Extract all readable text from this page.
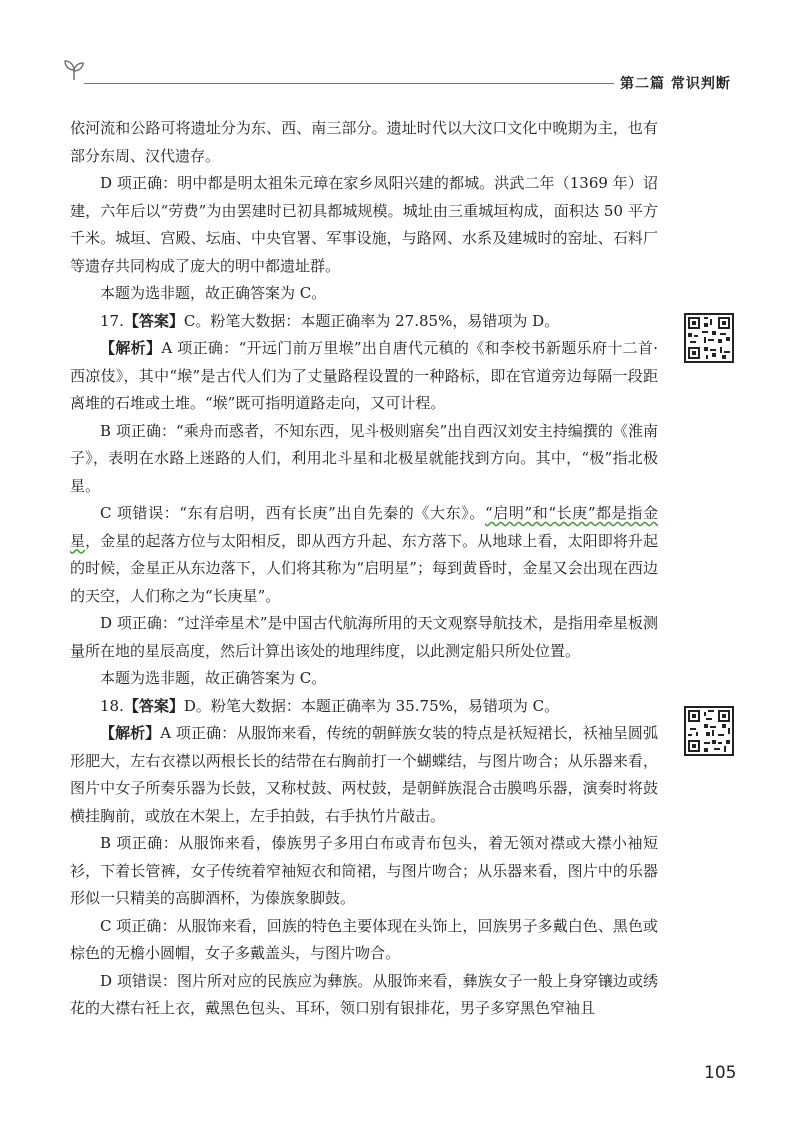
第二篇 常识判断

依河流和公路可将遗址分为东、西、南三部分。遗址时代以大汶口文化中晚期为主，也有部分东周、汉代遗存。

D 项正确：明中都是明太祖朱元璋在家乡凤阳兴建的都城。洪武二年（1369 年）诏建，六年后以“劳费”为由罢建时已初具都城规模。城址由三重城垣构成，面积达 50 平方千米。城垣、宫殿、坛庙、中央官署、军事设施，与路网、水系及建城时的窑址、石料厂等遗存共同构成了庞大的明中都遗址群。

本题为选非题，故正确答案为 C。

17.【答案】C。粉笔大数据：本题正确率为 27.85%，易错项为 D。

【解析】A 项正确：“开远门前万里堠”出自唐代元稹的《和李校书新题乐府十二首·西凉伎》，其中“堠”是古代人们为了丈量路程设置的一种路标，即在官道旁边每隔一段距离堆的石堆或土堆。“堠”既可指明道路走向，又可计程。

B 项正确：“乘舟而惑者，不知东西，见斗极则寤矣”出自西汉刘安主持编撰的《淮南子》，表明在水路上迷路的人们，利用北斗星和北极星就能找到方向。其中，“极”指北极星。

C 项错误：“东有启明，西有长庚”出自先秦的《大东》。“启明”和“长庚”都是指金星，金星的起落方位与太阳相反，即从西方升起、东方落下。从地球上看，太阳即将升起的时候，金星正从东边落下，人们将其称为“启明星”；每到黄昏时，金星又会出现在西边的天空，人们称之为“长庚星”。

D 项正确：“过洋牵星术”是中国古代航海所用的天文观察导航技术，是指用牵星板测量所在地的星辰高度，然后计算出该处的地理纬度，以此测定船只所处位置。

本题为选非题，故正确答案为 C。

18.【答案】D。粉笔大数据：本题正确率为 35.75%，易错项为 C。

【解析】A 项正确：从服饰来看，传统的朝鲜族女装的特点是袄短裙长，袄袖呈圆弧形肥大，左右衣襟以两根长长的结带在右胸前打一个蝴蝶结，与图片吻合；从乐器来看，图片中女子所奏乐器为长鼓，又称杖鼓、两杖鼓，是朝鲜族混合击膜鸣乐器，演奏时将鼓横挂胸前，或放在木架上，左手拍鼓，右手执竹片敲击。

B 项正确：从服饰来看，傣族男子多用白布或青布包头，着无领对襟或大襟小袖短衫，下着长管裤，女子传统着窄袖短衣和筒裙，与图片吻合；从乐器来看，图片中的乐器形似一只精美的高脚酒杯，为傣族象脚鼓。

C 项正确：从服饰来看，回族的特色主要体现在头饰上，回族男子多戴白色、黑色或棕色的无檐小圆帽，女子多戴盖头，与图片吻合。

D 项错误：图片所对应的民族应为彝族。从服饰来看，彝族女子一般上身穿镶边或绣花的大襟右衽上衣，戴黑色包头、耳环，领口别有银排花，男子多穿黑色窄袖且

105
